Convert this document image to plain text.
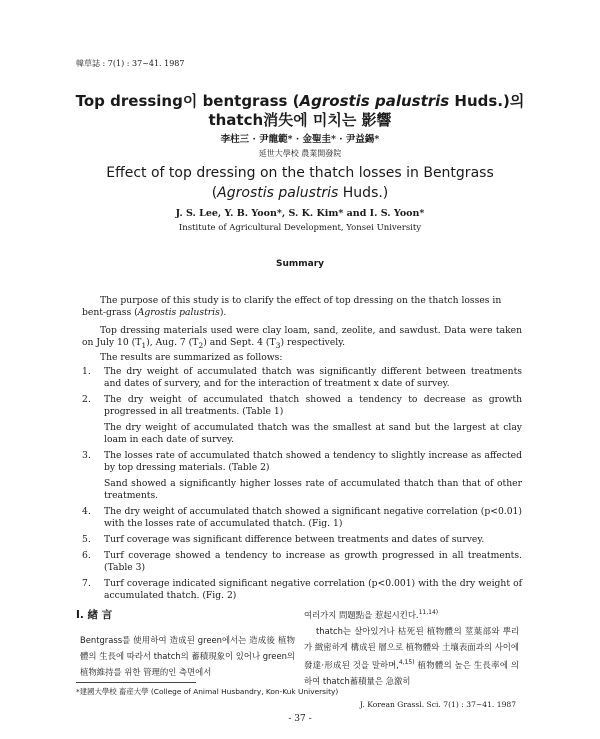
韓草誌 : 7(1) : 37~41. 1987
Top dressing이 bentgrass (Agrostis palustris Huds.)의
thatch消失에 미치는 影響
李柱三 · 尹龍範* · 金聖圭* · 尹益錫*
延世大學校 農業開發院
Effect of top dressing on the thatch losses in Bentgrass
(Agrostis palustris Huds.)
J. S. Lee, Y. B. Yoon*, S. K. Kim* and I. S. Yoon*
Institute of Agricultural Development, Yonsei University
Summary

The purpose of this study is to clarify the effect of top dressing on the thatch losses in bent-grass (Agrostis palustris).

Top dressing materials used were clay loam, sand, zeolite, and sawdust. Data were taken on July 10 $(T_1)$, Aug. 7 $(T_2)$ and Sept. 4 $(T_3)$ respectively.

The results are summarized as follows:

1. The dry weight of accumulated thatch was significantly different between treatments and dates of survery, and for the interaction of treatment x date of survey.

2. The dry weight of accumulated thatch showed a tendency to decrease as growth progressed in all treatments. (Table 1)

The dry weight of accumulated thatch was the smallest at sand but the largest at clay loam in each date of survey.

3. The losses rate of accumulated thatch showed a tendency to slightly increase as affected by top dressing materials. (Table 2)

Sand showed a significantly higher losses rate of accumulated thatch than that of other treatments.

4. The dry weight of accumulated thatch showed a significant negative correlation (p<0.01) with the losses rate of accumulated thatch. (Fig. 1)

5. Turf coverage was significant difference between treatments and dates of survey.

6. Turf coverage showed a tendency to increase as growth progressed in all treatments. (Table 3)

7. Turf coverage indicated significant negative correlation (p<0.001) with the dry weight of accumulated thatch. (Fig. 2)

I. 緖 言

Bentgrass를 使用하여 造成된 green에서는 造成後 植物體의 生長에 따라서 thatch의 蓄積現象이 있어나 green의 植物維持를 위한 管理的인 측면에서

여러가지 問題點을 惹起시킨다.$^{11,14)}$

thatch는 살아있거나 枯死된 植物體의 莖葉部와 뿌리가 緻密하게 構成된 層으로 植物體와 土壤表面과의 사이에 發達·形成된 것을 말하며,$^{4,15)}$ 植物體의 높은 生長率에 의하여 thatch蓄積量은 急激히

*建國大學校 畜産大學 (College of Animal Husbandry, Kon-Kuk University)
J. Korean Grassl. Sci. 7(1) : 37~41. 1987
- 37 -
